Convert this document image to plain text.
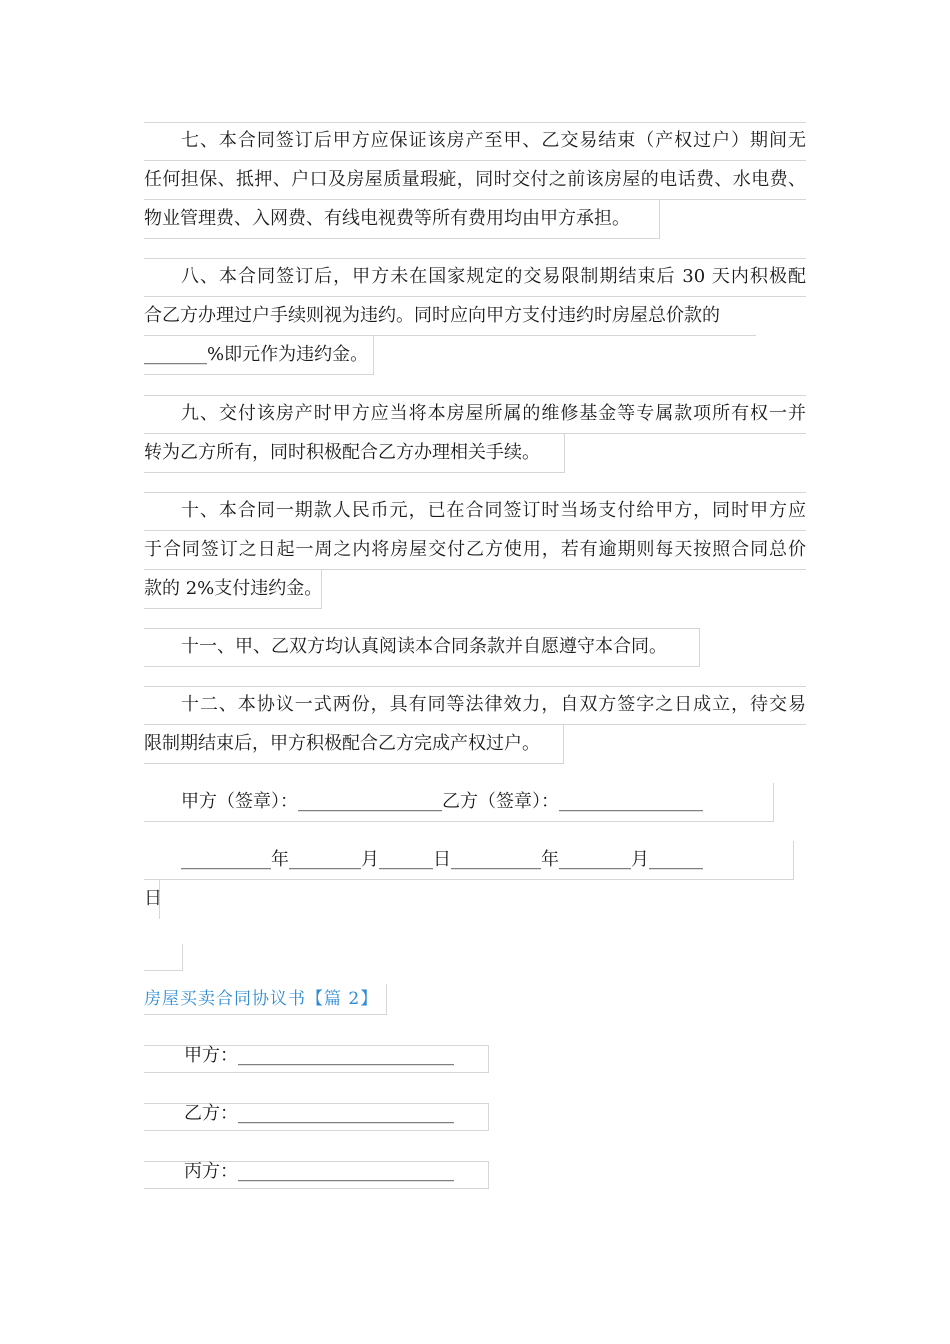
七、本合同签订后甲方应保证该房产至甲、乙交易结束（产权过户）期间无
任何担保、抵押、户口及房屋质量瑕疵，同时交付之前该房屋的电话费、水电费、
物业管理费、入网费、有线电视费等所有费用均由甲方承担。
八、本合同签订后，甲方未在国家规定的交易限制期结束后 30 天内积极配
合乙方办理过户手续则视为违约。同时应向甲方支付违约时房屋总价款的
_______%即元作为违约金。
九、交付该房产时甲方应当将本房屋所属的维修基金等专属款项所有权一并
转为乙方所有，同时积极配合乙方办理相关手续。
十、本合同一期款人民币元，已在合同签订时当场支付给甲方，同时甲方应
于合同签订之日起一周之内将房屋交付乙方使用，若有逾期则每天按照合同总价
款的 2%支付违约金。
十一、甲、乙双方均认真阅读本合同条款并自愿遵守本合同。
十二、本协议一式两份，具有同等法律效力，自双方签字之日成立，待交易
限制期结束后，甲方积极配合乙方完成产权过户。
甲方（签章）：________________乙方（签章）：________________
__________年________月______日__________年________月______
日
房屋买卖合同协议书【篇 2】
甲方：________________________
乙方：________________________
丙方：________________________
